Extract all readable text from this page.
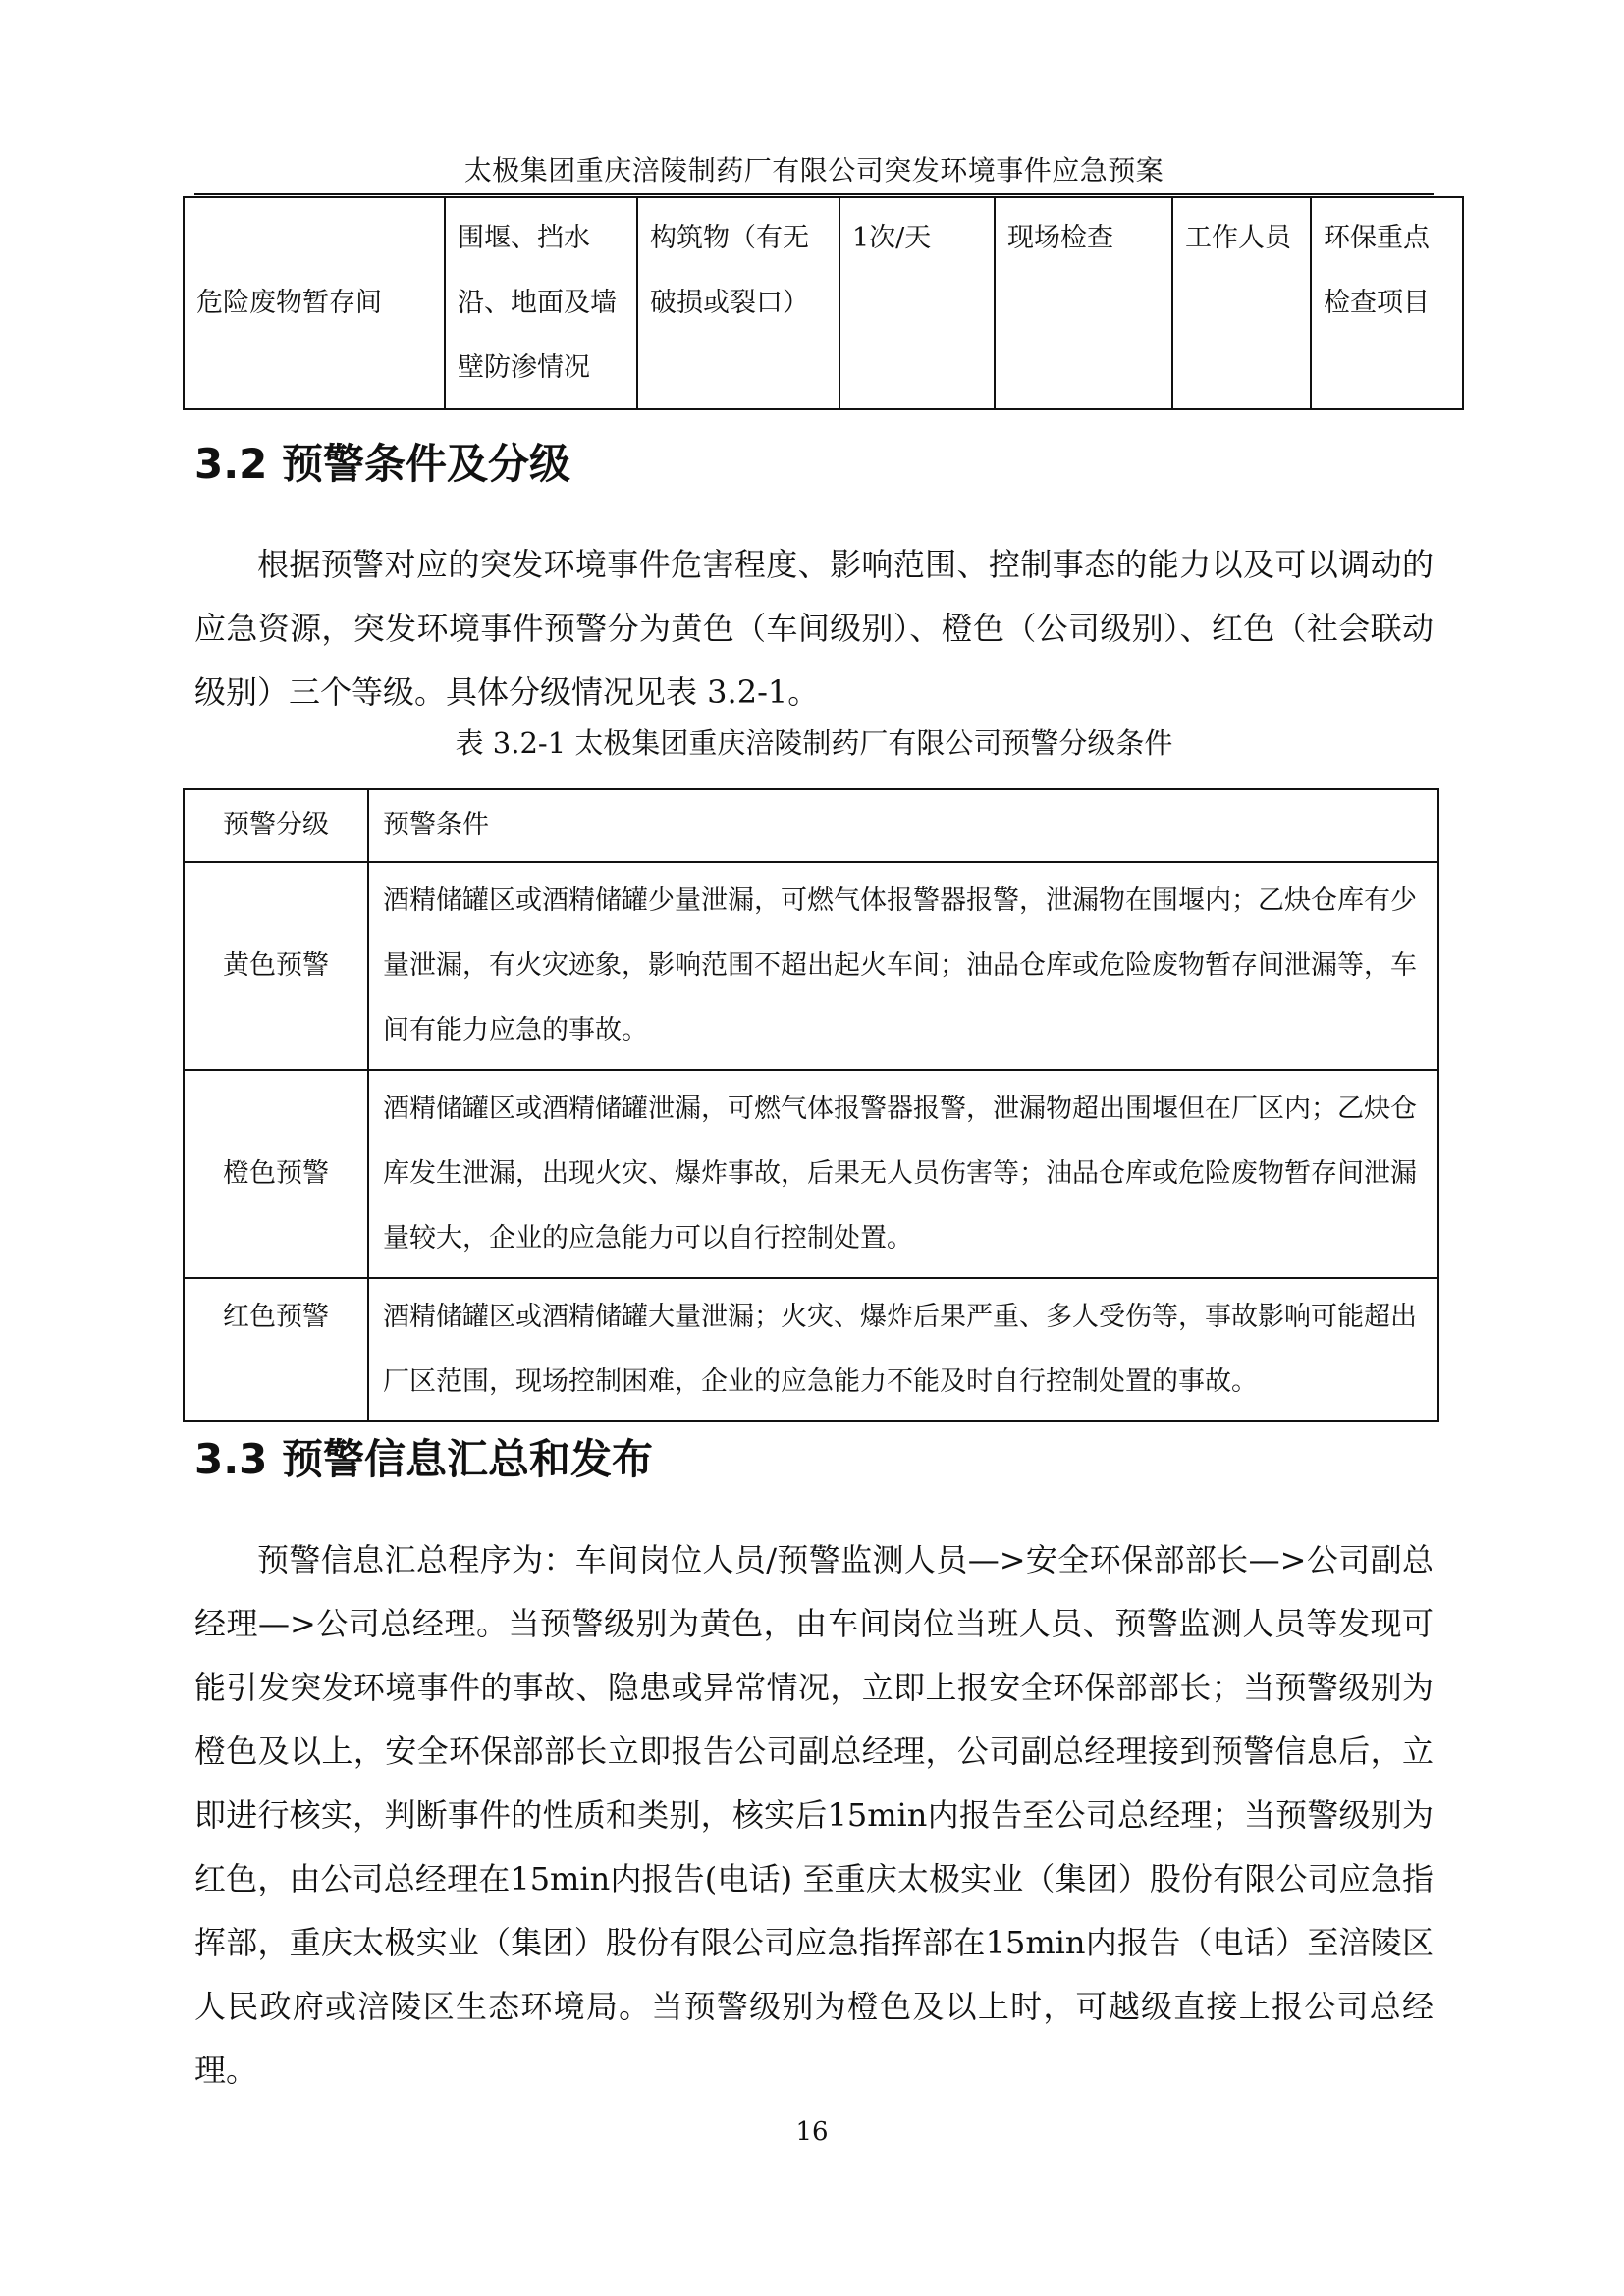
太极集团重庆涪陵制药厂有限公司突发环境事件应急预案
危险废物暂存间	围堰、挡水沿、地面及墙壁防渗情况	构筑物（有无破损或裂口）	1次/天	现场检查	工作人员	环保重点检查项目
3.2 预警条件及分级

根据预警对应的突发环境事件危害程度、影响范围、控制事态的能力以及可以调动的应急资源，突发环境事件预警分为黄色（车间级别）、橙色（公司级别）、红色（社会联动级别）三个等级。具体分级情况见表 3.2-1。

表 3.2-1 太极集团重庆涪陵制药厂有限公司预警分级条件
预警分级	预警条件
黄色预警	酒精储罐区或酒精储罐少量泄漏，可燃气体报警器报警，泄漏物在围堰内；乙炔仓库有少量泄漏，有火灾迹象，影响范围不超出起火车间；油品仓库或危险废物暂存间泄漏等，车间有能力应急的事故。
橙色预警	酒精储罐区或酒精储罐泄漏，可燃气体报警器报警，泄漏物超出围堰但在厂区内；乙炔仓库发生泄漏，出现火灾、爆炸事故，后果无人员伤害等；油品仓库或危险废物暂存间泄漏量较大，企业的应急能力可以自行控制处置。
红色预警	酒精储罐区或酒精储罐大量泄漏；火灾、爆炸后果严重、多人受伤等，事故影响可能超出厂区范围，现场控制困难，企业的应急能力不能及时自行控制处置的事故。
3.3 预警信息汇总和发布

预警信息汇总程序为：车间岗位人员/预警监测人员—>安全环保部部长—>公司副总经理—>公司总经理。当预警级别为黄色，由车间岗位当班人员、预警监测人员等发现可能引发突发环境事件的事故、隐患或异常情况，立即上报安全环保部部长；当预警级别为橙色及以上，安全环保部部长立即报告公司副总经理，公司副总经理接到预警信息后，立即进行核实，判断事件的性质和类别，核实后15min内报告至公司总经理；当预警级别为红色，由公司总经理在15min内报告(电话) 至重庆太极实业（集团）股份有限公司应急指挥部，重庆太极实业（集团）股份有限公司应急指挥部在15min内报告（电话）至涪陵区人民政府或涪陵区生态环境局。当预警级别为橙色及以上时，可越级直接上报公司总经理。

16
